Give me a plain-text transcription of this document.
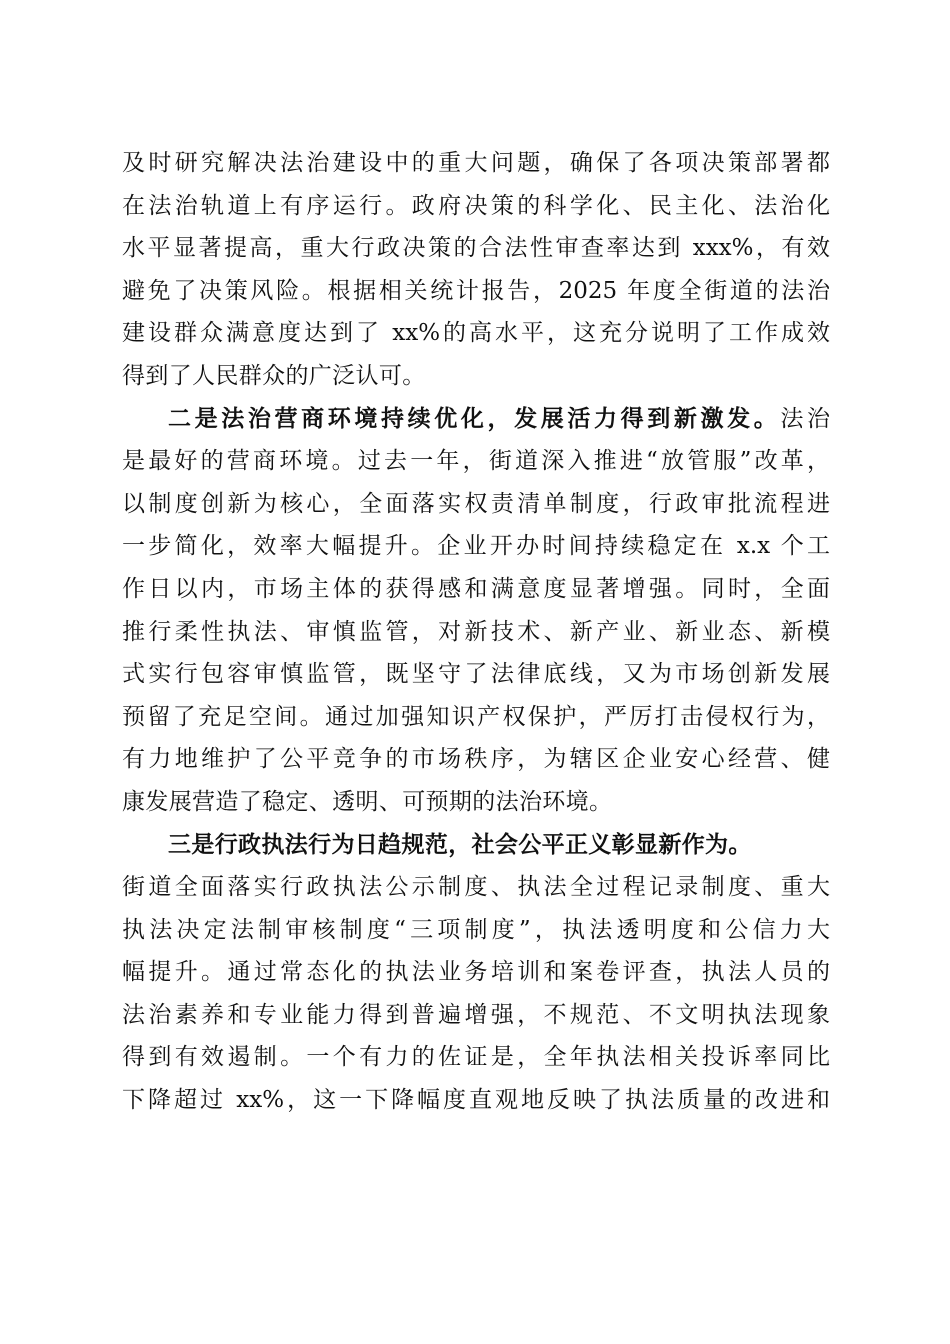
及时研究解决法治建设中的重大问题，确保了各项决策部署都
在法治轨道上有序运行。政府决策的科学化、民主化、法治化
水平显著提高，重大行政决策的合法性审查率达到 xxx%，有效
避免了决策风险。根据相关统计报告，2025 年度全街道的法治
建设群众满意度达到了 xx%的高水平，这充分说明了工作成效
得到了人民群众的广泛认可。
二是法治营商环境持续优化，发展活力得到新激发。法治
是最好的营商环境。过去一年，街道深入推进“放管服”改革，
以制度创新为核心，全面落实权责清单制度，行政审批流程进
一步简化，效率大幅提升。企业开办时间持续稳定在 x.x 个工
作日以内，市场主体的获得感和满意度显著增强。同时，全面
推行柔性执法、审慎监管，对新技术、新产业、新业态、新模
式实行包容审慎监管，既坚守了法律底线，又为市场创新发展
预留了充足空间。通过加强知识产权保护，严厉打击侵权行为，
有力地维护了公平竞争的市场秩序，为辖区企业安心经营、健
康发展营造了稳定、透明、可预期的法治环境。
三是行政执法行为日趋规范，社会公平正义彰显新作为。
街道全面落实行政执法公示制度、执法全过程记录制度、重大
执法决定法制审核制度“三项制度”，执法透明度和公信力大
幅提升。通过常态化的执法业务培训和案卷评查，执法人员的
法治素养和专业能力得到普遍增强，不规范、不文明执法现象
得到有效遏制。一个有力的佐证是，全年执法相关投诉率同比
下降超过 xx%，这一下降幅度直观地反映了执法质量的改进和
